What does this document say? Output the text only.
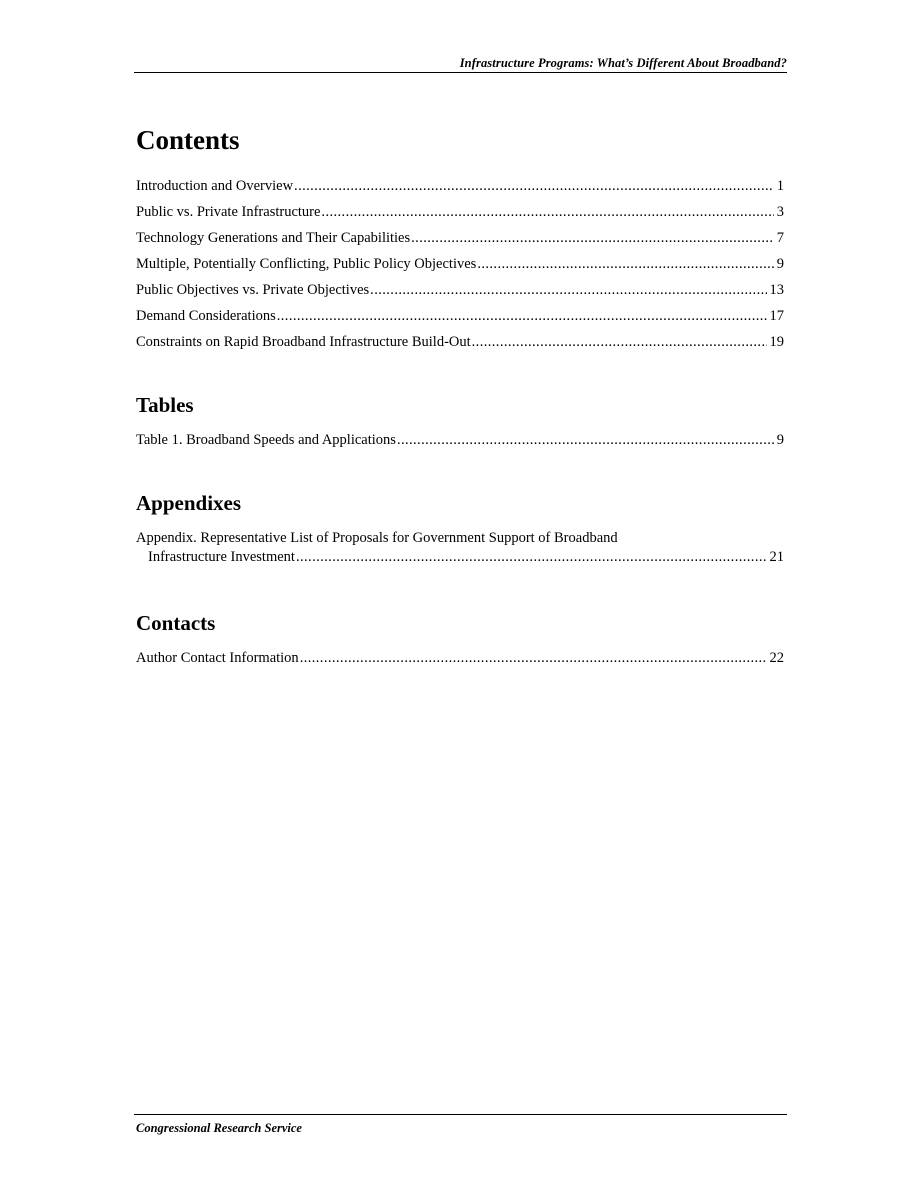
Infrastructure Programs: What’s Different About Broadband?
Contents
Introduction and Overview .....	1
Public vs. Private Infrastructure .....	3
Technology Generations and Their Capabilities .....	7
Multiple, Potentially Conflicting, Public Policy Objectives .....	9
Public Objectives vs. Private Objectives .....	13
Demand Considerations .....	17
Constraints on Rapid Broadband Infrastructure Build-Out .....	19
Tables
Table 1. Broadband Speeds and Applications .....	9
Appendixes
Appendix. Representative List of Proposals for Government Support of Broadband
Infrastructure Investment .....	21
Contacts
Author Contact Information .....	22
Congressional Research Service
